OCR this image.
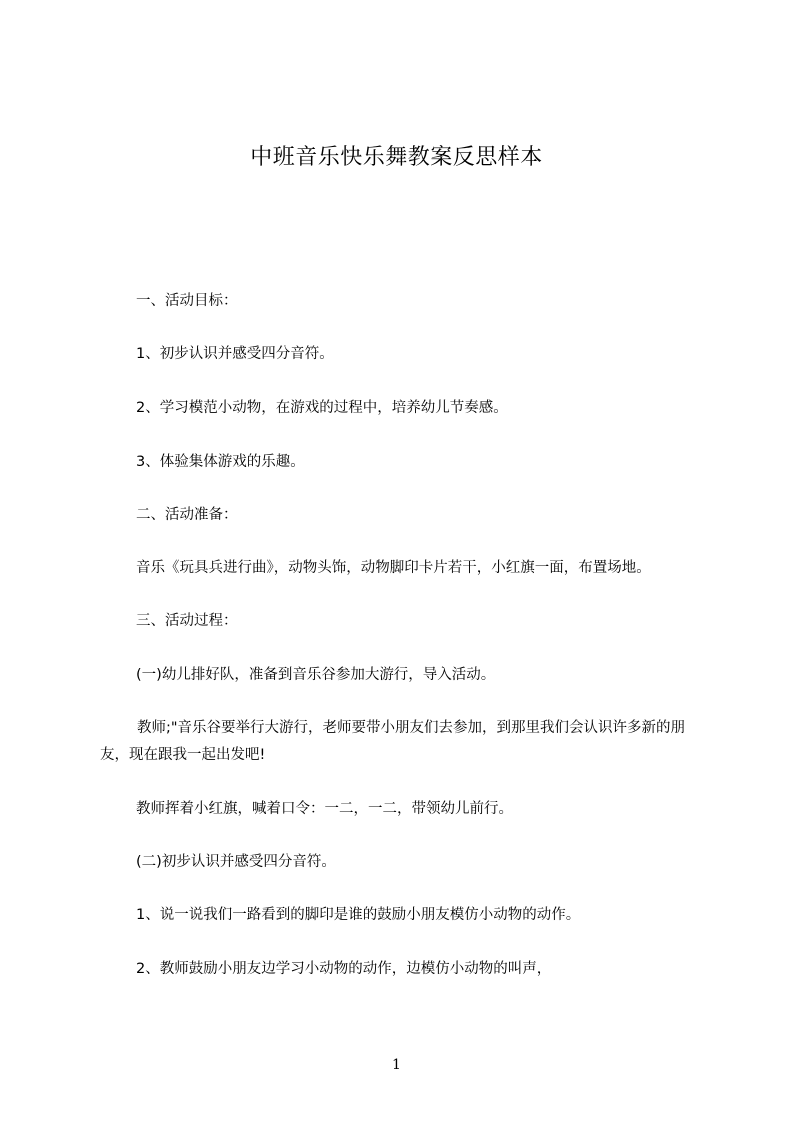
中班音乐快乐舞教案反思样本
一、活动目标：
1、初步认识并感受四分音符。
2、学习模范小动物，在游戏的过程中，培养幼儿节奏感。
3、体验集体游戏的乐趣。
二、活动准备：
音乐《玩具兵进行曲》，动物头饰，动物脚印卡片若干，小红旗一面，布置场地。
三、活动过程：
(一)幼儿排好队，准备到音乐谷参加大游行，导入活动。
教师;"音乐谷要举行大游行，老师要带小朋友们去参加，到那里我们会认识许多新的朋友，现在跟我一起出发吧!
教师挥着小红旗，喊着口令：一二，一二，带领幼儿前行。
(二)初步认识并感受四分音符。
1、说一说我们一路看到的脚印是谁的鼓励小朋友模仿小动物的动作。
2、教师鼓励小朋友边学习小动物的动作，边模仿小动物的叫声，
1
